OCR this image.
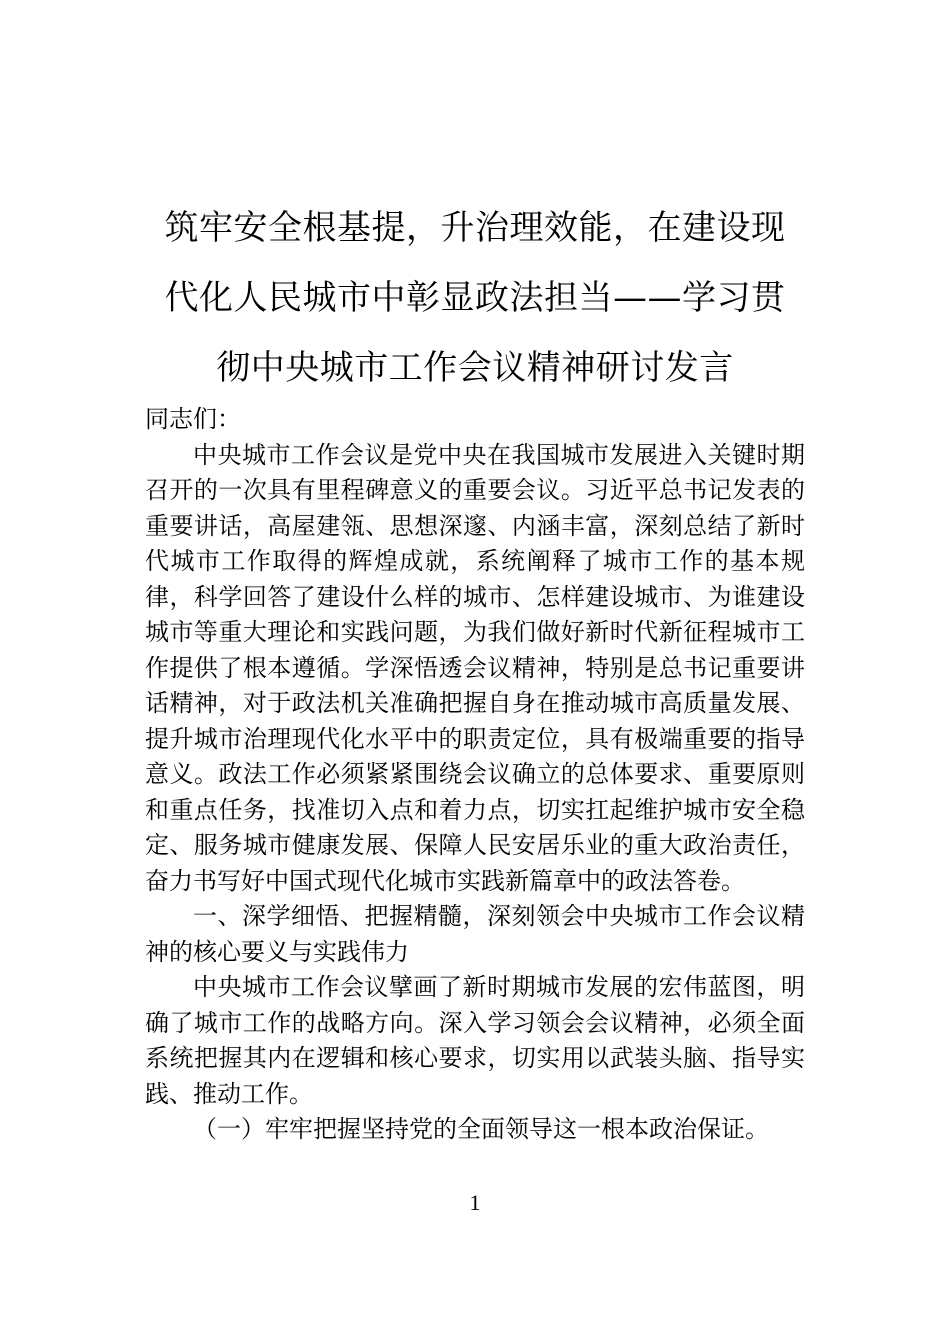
筑牢安全根基提，升治理效能，在建设现代化人民城市中彰显政法担当——学习贯彻中央城市工作会议精神研讨发言

同志们：

中央城市工作会议是党中央在我国城市发展进入关键时期召开的一次具有里程碑意义的重要会议。习近平总书记发表的重要讲话，高屋建瓴、思想深邃、内涵丰富，深刻总结了新时代城市工作取得的辉煌成就，系统阐释了城市工作的基本规律，科学回答了建设什么样的城市、怎样建设城市、为谁建设城市等重大理论和实践问题，为我们做好新时代新征程城市工作提供了根本遵循。学深悟透会议精神，特别是总书记重要讲话精神，对于政法机关准确把握自身在推动城市高质量发展、提升城市治理现代化水平中的职责定位，具有极端重要的指导意义。政法工作必须紧紧围绕会议确立的总体要求、重要原则和重点任务，找准切入点和着力点，切实扛起维护城市安全稳定、服务城市健康发展、保障人民安居乐业的重大政治责任，奋力书写好中国式现代化城市实践新篇章中的政法答卷。

一、深学细悟、把握精髓，深刻领会中央城市工作会议精神的核心要义与实践伟力

中央城市工作会议擘画了新时期城市发展的宏伟蓝图，明确了城市工作的战略方向。深入学习领会会议精神，必须全面系统把握其内在逻辑和核心要求，切实用以武装头脑、指导实践、推动工作。

（一）牢牢把握坚持党的全面领导这一根本政治保证。

1
